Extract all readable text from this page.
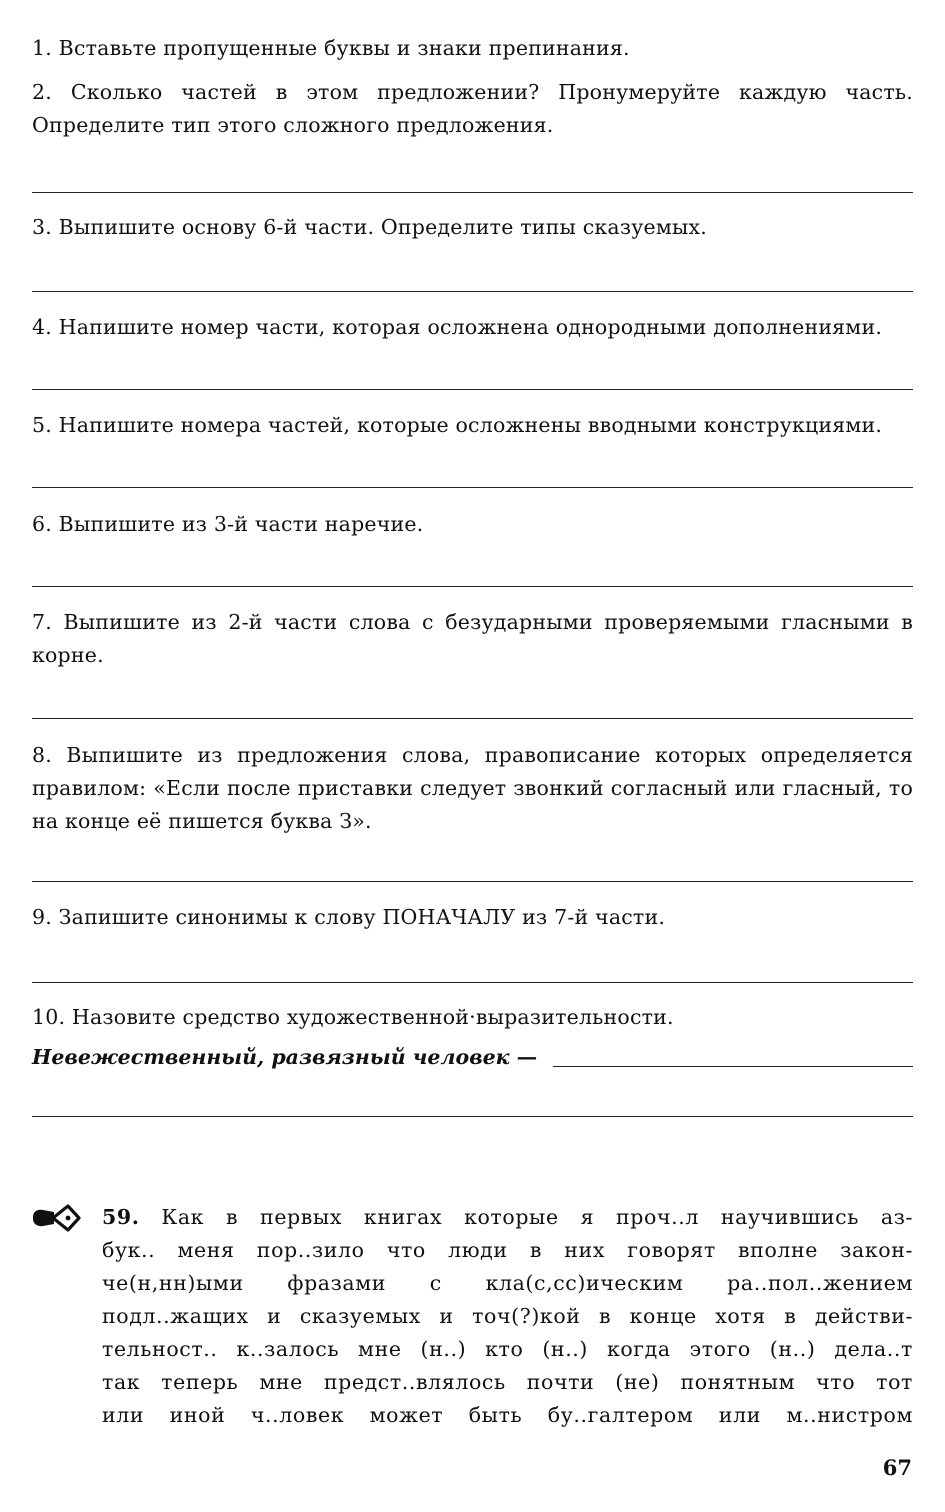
1. Вставьте пропущенные буквы и знаки препинания.
2. Сколько частей в этом предложении? Пронумеруйте каждую часть. Определите тип этого сложного предложения.
3. Выпишите основу 6-й части. Определите типы сказуемых.
4. Напишите номер части, которая осложнена однородными дополнениями.
5. Напишите номера частей, которые осложнены вводными конструкциями.
6. Выпишите из 3-й части наречие.
7. Выпишите из 2-й части слова с безударными проверяемыми гласными в корне.
8. Выпишите из предложения слова, правописание которых определяется правилом: «Если после приставки следует звонкий согласный или гласный, то на конце её пишется буква З».
9. Запишите синонимы к слову ПОНАЧАЛУ из 7-й части.
10. Назовите средство художественной·выразительности.
Невежественный, развязный человек —
59. Как в первых книгах которые я проч..л научившись аз-
бук.. меня пор..зило что люди в них говорят вполне закон-
че(н,нн)ыми фразами с кла(с,сс)ическим ра..пол..жением
подл..жащих и сказуемых и точ(?)кой в конце хотя в действи-
тельност.. к..залось мне (н..) кто (н..) когда этого (н..) дела..т
так теперь мне предст..влялось почти (не) понятным что тот
или иной ч..ловек может быть бу..галтером или м..нистром
67
